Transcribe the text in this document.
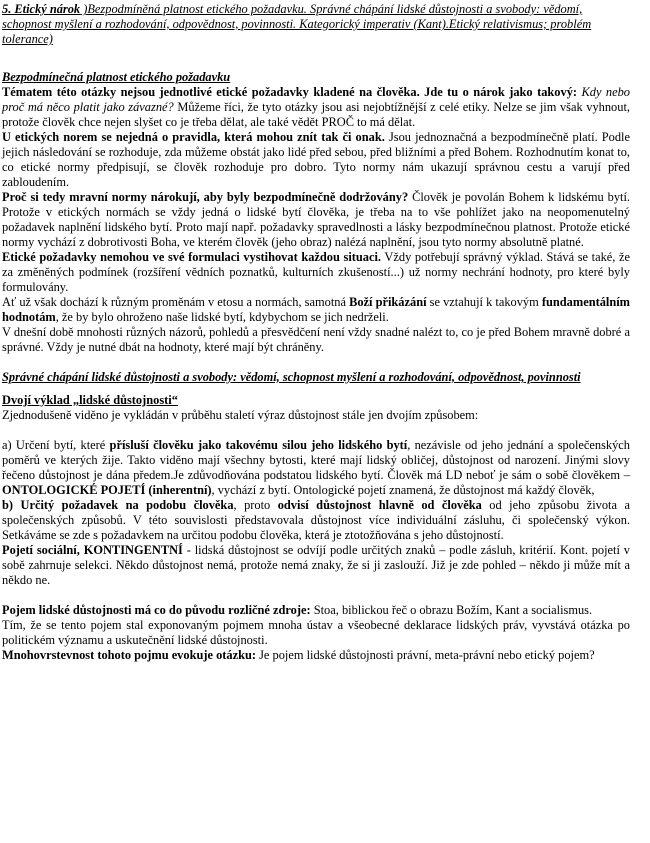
5. Etický nárok )Bezpodmíněná platnost etického požadavku. Správné chápání lidské důstojnosti a svobody: vědomí, schopnost myšlení a rozhodování, odpovědnost, povinnosti. Kategorický imperativ (Kant).Etický relativismus; problém tolerance)

Bezpodmínečná platnost etického požadavku

Tématem této otázky nejsou jednotlivé etické požadavky kladené na člověka. Jde tu o nárok jako takový: Kdy nebo proč má něco platit jako závazné? Můžeme říci, že tyto otázky jsou asi nejobtížnější z celé etiky. Nelze se jim však vyhnout, protože člověk chce nejen slyšet co je třeba dělat, ale také vědět PROČ to má dělat.

U etických norem se nejedná o pravidla, která mohou znít tak či onak. Jsou jednoznačná a bezpodmínečně platí. Podle jejich následování se rozhoduje, zda můžeme obstát jako lidé před sebou, před bližními a před Bohem. Rozhodnutím konat to, co etické normy předpisují, se člověk rozhoduje pro dobro. Tyto normy nám ukazují správnou cestu a varují před zabloudením.

Proč si tedy mravní normy nárokují, aby byly bezpodmínečně dodržovány? Člověk je povolán Bohem k lidskému bytí. Protože v etických normách se vždy jedná o lidské bytí člověka, je třeba na to vše pohlížet jako na neopomenutelný požadavek naplnění lidského bytí. Proto mají např. požadavky spravedlnosti a lásky bezpodmínečnou platnost. Protože etické normy vychází z dobrotivosti Boha, ve kterém člověk (jeho obraz) nalézá naplnění, jsou tyto normy absolutně platné.

Etické požadavky nemohou ve své formulaci vystihovat každou situaci. Vždy potřebují správný výklad. Stává se také, že za změněných podmínek (rozšíření vědních poznatků, kulturních zkušeností...) už normy nechrání hodnoty, pro které byly formulovány.

Ať už však dochází k různým proměnám v etosu a normách, samotná Boží přikázání se vztahují k takovým fundamentálním hodnotám, že by bylo ohroženo naše lidské bytí, kdybychom se jich nedrželi.

V dnešní době mnohosti různých názorů, pohledů a přesvědčení není vždy snadné nalézt to, co je před Bohem mravně dobré a správné. Vždy je nutné dbát na hodnoty, které mají být chráněny.

Správné chápání lidské důstojnosti a svobody: vědomí, schopnost myšlení a rozhodování, odpovědnost, povinnosti

Dvojí výklad „lidské důstojnosti“

Zjednodušeně viděno je vykládán v průběhu staletí výraz důstojnost stále jen dvojím způsobem:

a) Určení bytí, které přísluší člověku jako takovému silou jeho lidského bytí, nezávisle od jeho jednání a společenských poměrů ve kterých žije. Takto viděno mají všechny bytosti, které mají lidský obličej, důstojnost od narození. Jinými slovy řečeno důstojnost je dána předem.Je zdůvodňována podstatou lidského bytí. Člověk má LD neboť je sám o sobě člověkem – ONTOLOGICKÉ POJETÍ (inherentní), vychází z bytí. Ontologické pojetí znamená, že důstojnost má každý člověk,

b) Určitý požadavek na podobu člověka, proto odvisí důstojnost hlavně od člověka od jeho způsobu života a společenských způsobů. V této souvislosti představovala důstojnost více individuální zásluhu, či společenský výkon. Setkáváme se zde s požadavkem na určitou podobu člověka, která je ztotožňována s jeho důstojností.

Pojetí sociální, KONTINGENTNÍ - lidská důstojnost se odvíjí podle určitých znaků – podle zásluh, kritérií. Kont. pojetí v sobě zahrnuje selekci. Někdo důstojnost nemá, protože nemá znaky, že si ji zaslouží. Již je zde pohled – někdo ji může mít a někdo ne.

Pojem lidské důstojnosti má co do původu rozličné zdroje: Stoa, biblickou řeč o obrazu Božím, Kant a socialismus.

Tím, že se tento pojem stal exponovaným pojmem mnoha ústav a všeobecné deklarace lidských práv, vyvstává otázka po politickém významu a uskutečnění lidské důstojnosti.

Mnohovrstevnost tohoto pojmu evokuje otázku: Je pojem lidské důstojnosti právní, meta-právní nebo etický pojem?
